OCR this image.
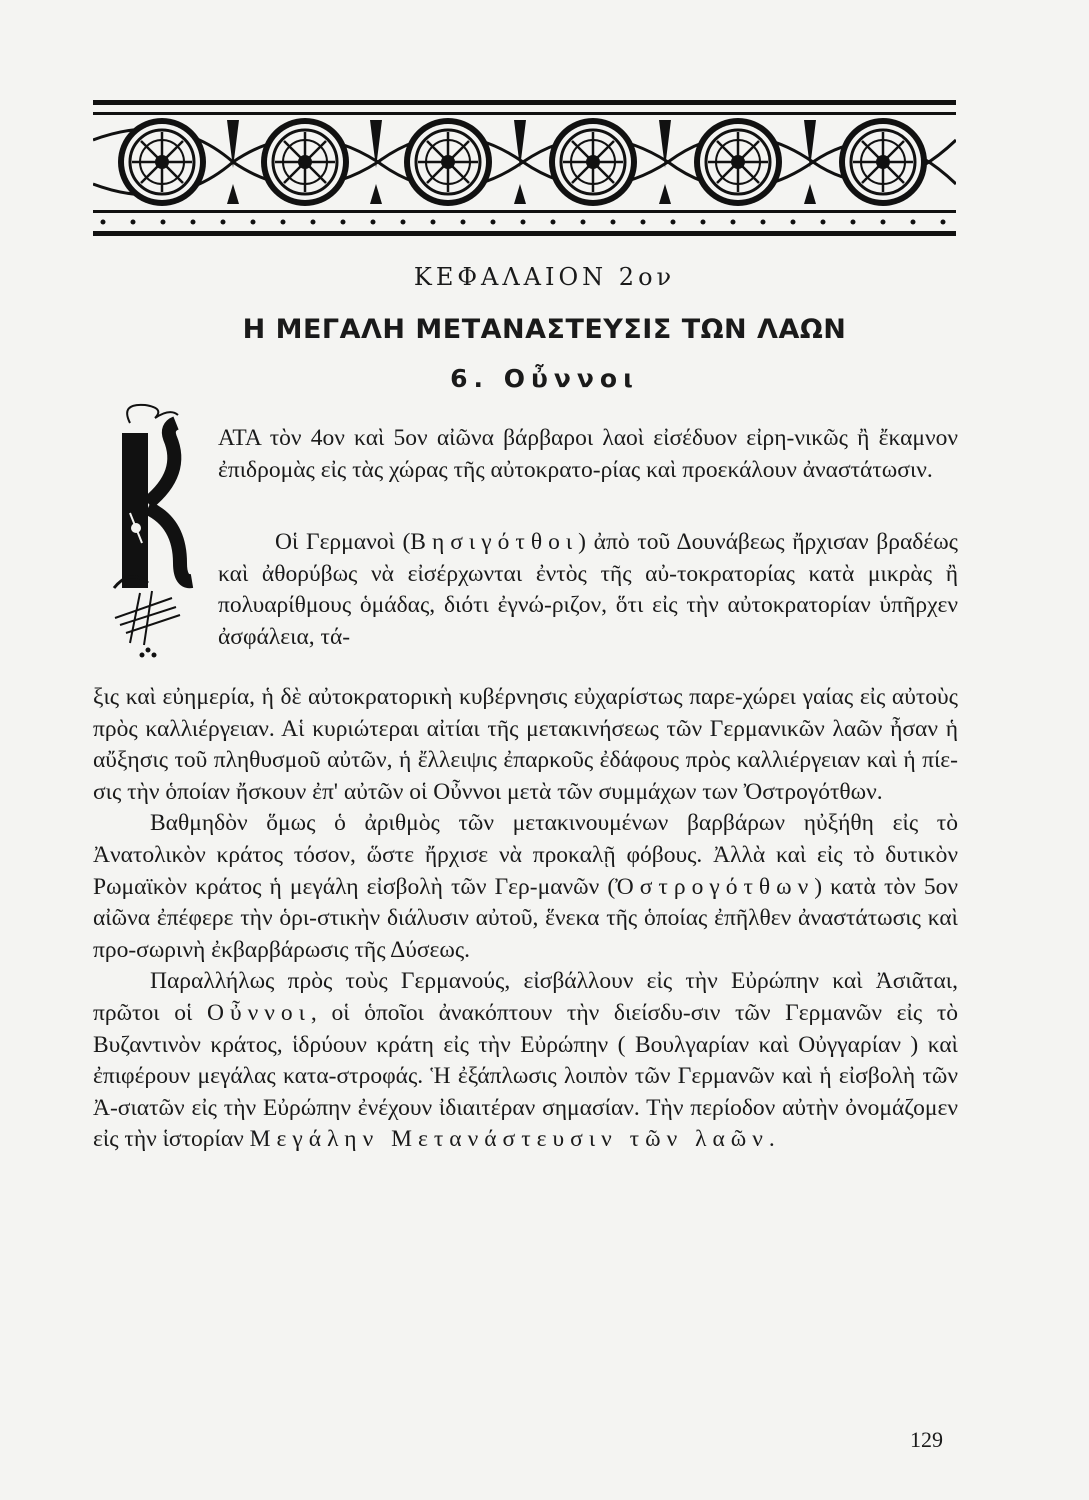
ΚΕΦΑΛΑΙΟΝ 2ον
Η ΜΕΓΑΛΗ ΜΕΤΑΝΑΣΤΕΥΣΙΣ ΤΩΝ ΛΑΩΝ
6. Οὖννοι

ΑΤΑ τὸν 4ον καὶ 5ον αἰῶνα βάρβαροι λαοὶ εἰσέδυον εἰρη-νικῶς ἢ ἔκαμνον ἐπιδρομὰς εἰς τὰς χώρας τῆς αὐτοκρατο-ρίας καὶ προεκάλουν ἀναστάτωσιν.

Οἱ Γερμανοὶ (Βησιγότθοι) ἀπὸ τοῦ Δουνάβεως ἤρχισαν βραδέως καὶ ἀθορύβως νὰ εἰσέρχωνται ἐντὸς τῆς αὐ-τοκρατορίας κατὰ μικρὰς ἢ πολυαρίθμους ὁμάδας, διότι ἐγνώ-ριζον, ὅτι εἰς τὴν αὐτοκρατορίαν ὑπῆρχεν ἀσφάλεια, τά-

ξις καὶ εὐημερία, ἡ δὲ αὐτοκρατορικὴ κυβέρνησις εὐχαρίστως παρε-χώρει γαίας εἰς αὐτοὺς πρὸς καλλιέργειαν. Αἱ κυριώτεραι αἰτίαι τῆς μετακινήσεως τῶν Γερμανικῶν λαῶν ἦσαν ἡ αὔξησις τοῦ πληθυσμοῦ αὐτῶν, ἡ ἔλλειψις ἐπαρκοῦς ἐδάφους πρὸς καλλιέργειαν καὶ ἡ πίε-σις τὴν ὁποίαν ἤσκουν ἐπ' αὐτῶν οἱ Οὖννοι μετὰ τῶν συμμάχων των Ὀστρογότθων.

Βαθμηδὸν ὅμως ὁ ἀριθμὸς τῶν μετακινουμένων βαρβάρων ηὐξήθη εἰς τὸ Ἀνατολικὸν κράτος τόσον, ὥστε ἤρχισε νὰ προκαλῇ φόβους. Ἀλλὰ καὶ εἰς τὸ δυτικὸν Ρωμαϊκὸν κράτος ἡ μεγάλη εἰσβολὴ τῶν Γερ-μανῶν (Ὀστρογότθων) κατὰ τὸν 5ον αἰῶνα ἐπέφερε τὴν ὁρι-στικὴν διάλυσιν αὐτοῦ, ἕνεκα τῆς ὁποίας ἐπῆλθεν ἀναστάτωσις καὶ προ-σωρινὴ ἐκβαρβάρωσις τῆς Δύσεως.

Παραλλήλως πρὸς τοὺς Γερμανούς, εἰσβάλλουν εἰς τὴν Εὐρώπην καὶ Ἀσιᾶται, πρῶτοι οἱ Οὖννοι, οἱ ὁποῖοι ἀνακόπτουν τὴν διείσδυ-σιν τῶν Γερμανῶν εἰς τὸ Βυζαντινὸν κράτος, ἱδρύουν κράτη εἰς τὴν Εὐρώπην ( Βουλγαρίαν καὶ Οὐγγαρίαν ) καὶ ἐπιφέρουν μεγάλας κατα-στροφάς. Ἡ ἐξάπλωσις λοιπὸν τῶν Γερμανῶν καὶ ἡ εἰσβολὴ τῶν Ἀ-σιατῶν εἰς τὴν Εὐρώπην ἐνέχουν ἰδιαιτέραν σημασίαν. Τὴν περίοδον αὐτὴν ὀνομάζομεν εἰς τὴν ἱστορίαν Μεγάλην Μετανάστευσιν τῶν λαῶν.

129
